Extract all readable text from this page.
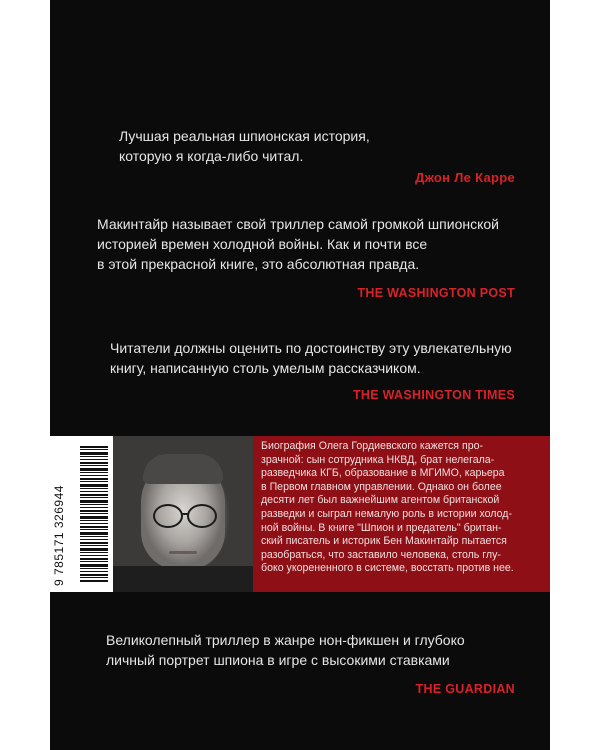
Лучшая реальная шпионская история,
которую я когда-либо читал.
Джон Ле Карре
Макинтайр называет свой триллер самой громкой шпионской
историей времен холодной войны. Как и почти все
в этой прекрасной книге, это абсолютная правда.
THE WASHINGTON POST
Читатели должны оценить по достоинству эту увлекательную
книгу, написанную столь умелым рассказчиком.
THE WASHINGTON TIMES
9 785171 326944
Биография Олега Гордиевского кажется про-
зрачной: сын сотрудника НКВД, брат нелегала-
разведчика КГБ, образование в МГИМО, карьера
в Первом главном управлении. Однако он более
десяти лет был важнейшим агентом британской
разведки и сыграл немалую роль в истории холод-
ной войны. В книге "Шпион и предатель" британ-
ский писатель и историк Бен Макинтайр пытается
разобраться, что заставило человека, столь глу-
боко укорененного в системе, восстать против нее.
Великолепный триллер в жанре нон-фикшен и глубоко
личный портрет шпиона в игре с высокими ставками
THE GUARDIAN
